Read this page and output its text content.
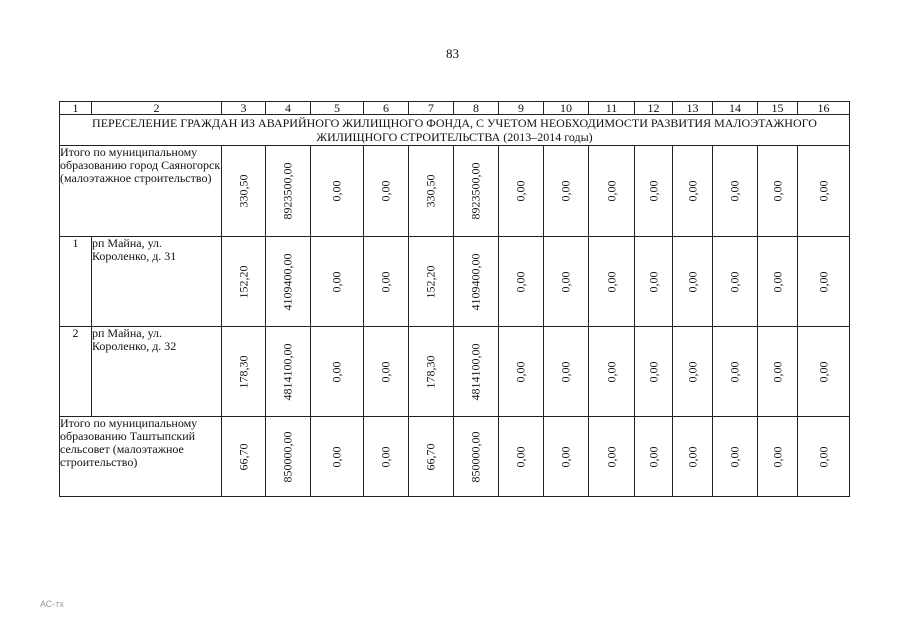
83
1	2	3	4	5	6	7	8	9	10	11	12	13	14	15	16
ПЕРЕСЕЛЕНИЕ ГРАЖДАН ИЗ АВАРИЙНОГО ЖИЛИЩНОГО ФОНДА, С УЧЕТОМ НЕОБХОДИМОСТИ РАЗВИТИЯ МАЛОЭТАЖНОГО ЖИЛИЩНОГО СТРОИТЕЛЬСТВА (2013–2014 годы)															
Итого по муниципальному образованию город Саяногорск (малоэтажное строительство)		330,50	8923500,00	0,00	0,00	330,50	8923500,00	0,00	0,00	0,00	0,00	0,00	0,00	0,00	0,00

1	рп Майна, ул. Короленко, д. 31	152,20	4109400,00	0,00	0,00	152,20	4109400,00	0,00	0,00	0,00	0,00	0,00	0,00	0,00	0,00

2	рп Майна, ул. Короленко, д. 32	178,30	4814100,00	0,00	0,00	178,30	4814100,00	0,00	0,00	0,00	0,00	0,00	0,00	0,00	0,00

Итого по муниципальному образованию Таштыпский сельсовет (малоэтажное строительство)		66,70	850000,00	0,00	0,00	66,70	850000,00	0,00	0,00	0,00	0,00	0,00	0,00	0,00	0,00
АС-тх
